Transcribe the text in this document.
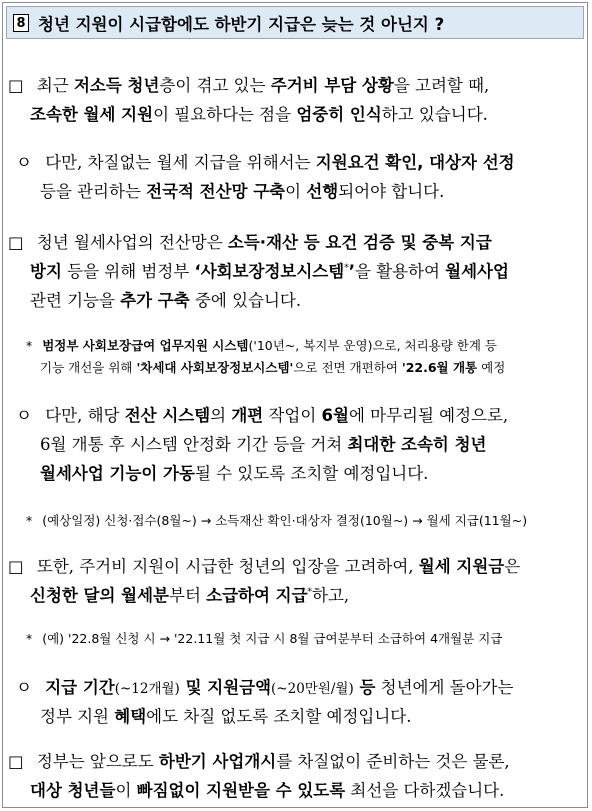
8 청년 지원이 시급함에도 하반기 지급은 늦는 것 아닌지 ?
□ 최근 저소득 청년층이 겪고 있는 주거비 부담 상황을 고려할 때,
조속한 월세 지원이 필요하다는 점을 엄중히 인식하고 있습니다.
ㅇ 다만, 차질없는 월세 지급을 위해서는 지원요건 확인, 대상자 선정
등을 관리하는 전국적 전산망 구축이 선행되어야 합니다.
□ 청년 월세사업의 전산망은 소득·재산 등 요건 검증 및 중복 지급
방지 등을 위해 범정부 ‘사회보장정보시스템*’을 활용하여 월세사업
관련 기능을 추가 구축 중에 있습니다.
* 범정부 사회보장급여 업무지원 시스템('10년~, 복지부 운영)으로, 처리용량 한계 등
기능 개선을 위해 '차세대 사회보장정보시스템'으로 전면 개편하여 '22.6월 개통 예정
ㅇ 다만, 해당 전산 시스템의 개편 작업이 6월에 마무리될 예정으로,
6월 개통 후 시스템 안정화 기간 등을 거쳐 최대한 조속히 청년
월세사업 기능이 가동될 수 있도록 조치할 예정입니다.
* (예상일정) 신청·접수(8월~) → 소득재산 확인·대상자 결정(10월~) → 월세 지급(11월~)
□ 또한, 주거비 지원이 시급한 청년의 입장을 고려하여, 월세 지원금은
신청한 달의 월세분부터 소급하여 지급*하고,
* (예) '22.8월 신청 시 → '22.11월 첫 지급 시 8월 급여분부터 소급하여 4개월분 지급
ㅇ 지급 기간(~12개월) 및 지원금액(~20만원/월) 등 청년에게 돌아가는
정부 지원 혜택에도 차질 없도록 조치할 예정입니다.
□ 정부는 앞으로도 하반기 사업개시를 차질없이 준비하는 것은 물론,
대상 청년들이 빠짐없이 지원받을 수 있도록 최선을 다하겠습니다.
